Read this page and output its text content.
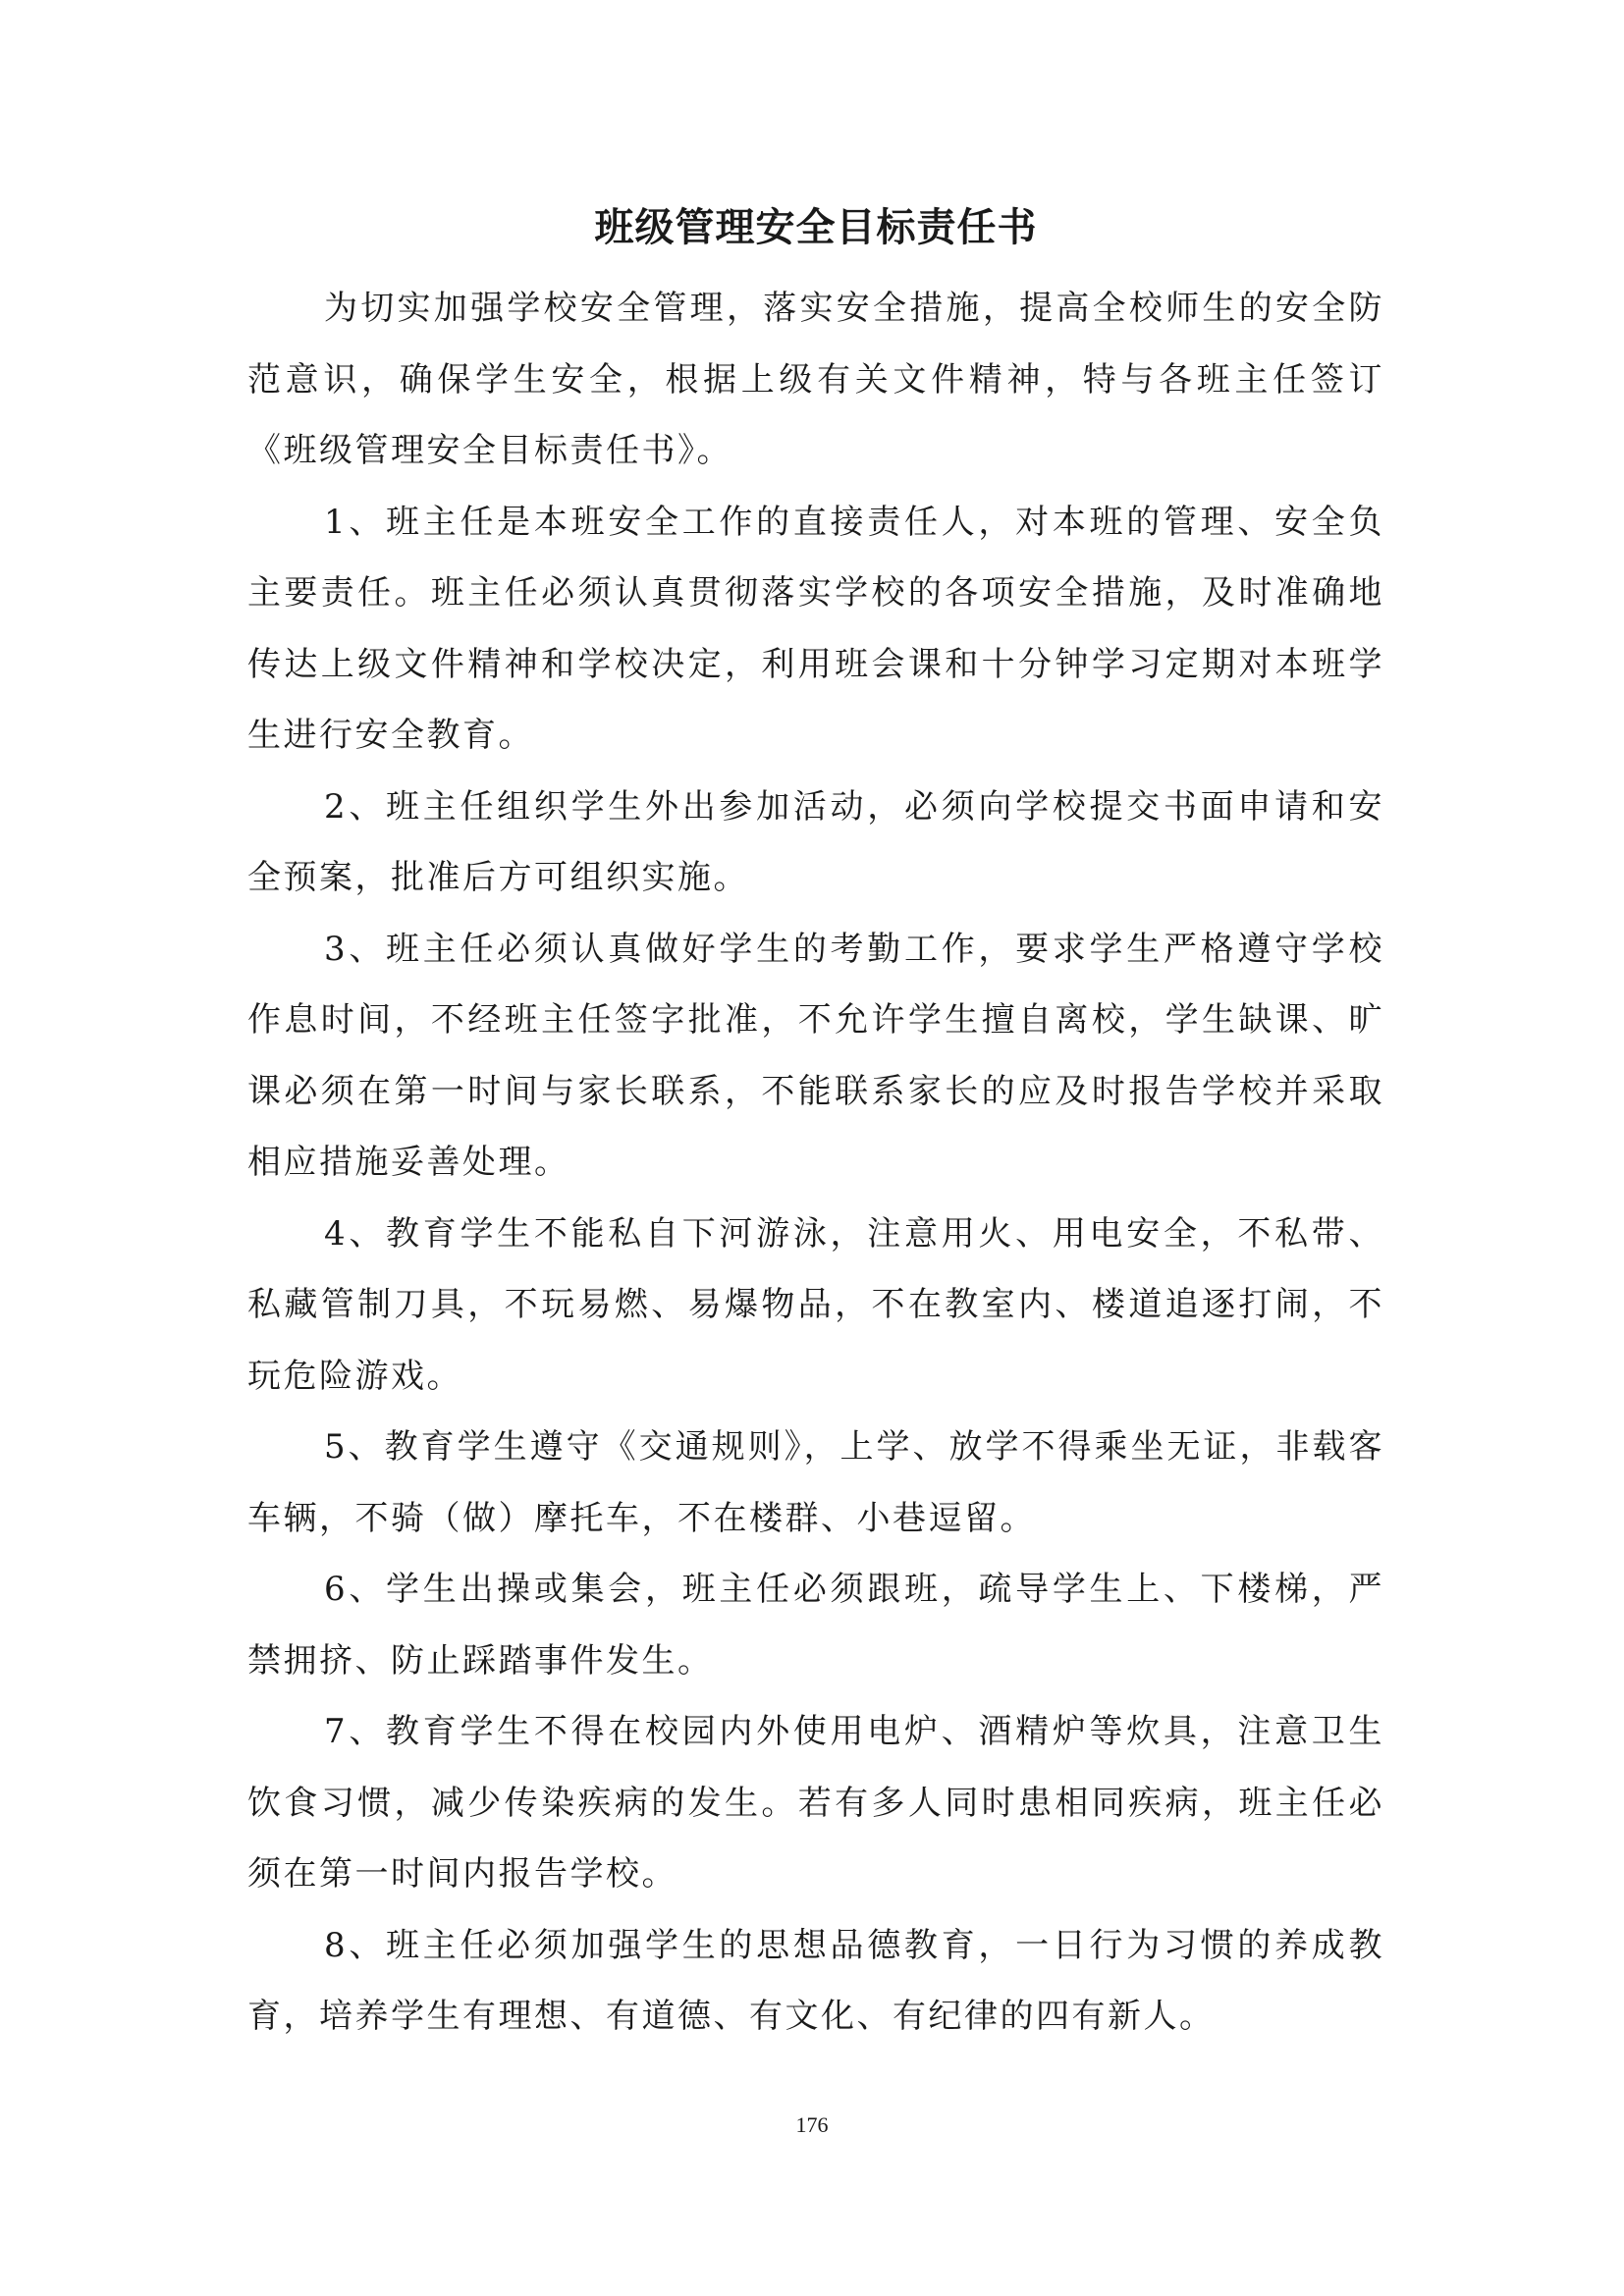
班级管理安全目标责任书

为切实加强学校安全管理，落实安全措施，提高全校师生的安全防范意识，确保学生安全，根据上级有关文件精神，特与各班主任签订《班级管理安全目标责任书》。

1、班主任是本班安全工作的直接责任人，对本班的管理、安全负主要责任。班主任必须认真贯彻落实学校的各项安全措施，及时准确地传达上级文件精神和学校决定，利用班会课和十分钟学习定期对本班学生进行安全教育。

2、班主任组织学生外出参加活动，必须向学校提交书面申请和安全预案，批准后方可组织实施。

3、班主任必须认真做好学生的考勤工作，要求学生严格遵守学校作息时间，不经班主任签字批准，不允许学生擅自离校，学生缺课、旷课必须在第一时间与家长联系，不能联系家长的应及时报告学校并采取相应措施妥善处理。

4、教育学生不能私自下河游泳，注意用火、用电安全，不私带、私藏管制刀具，不玩易燃、易爆物品，不在教室内、楼道追逐打闹，不玩危险游戏。

5、教育学生遵守《交通规则》，上学、放学不得乘坐无证，非载客车辆，不骑（做）摩托车，不在楼群、小巷逗留。

6、学生出操或集会，班主任必须跟班，疏导学生上、下楼梯，严禁拥挤、防止踩踏事件发生。

7、教育学生不得在校园内外使用电炉、酒精炉等炊具，注意卫生饮食习惯，减少传染疾病的发生。若有多人同时患相同疾病，班主任必须在第一时间内报告学校。

8、班主任必须加强学生的思想品德教育，一日行为习惯的养成教育，培养学生有理想、有道德、有文化、有纪律的四有新人。

176
